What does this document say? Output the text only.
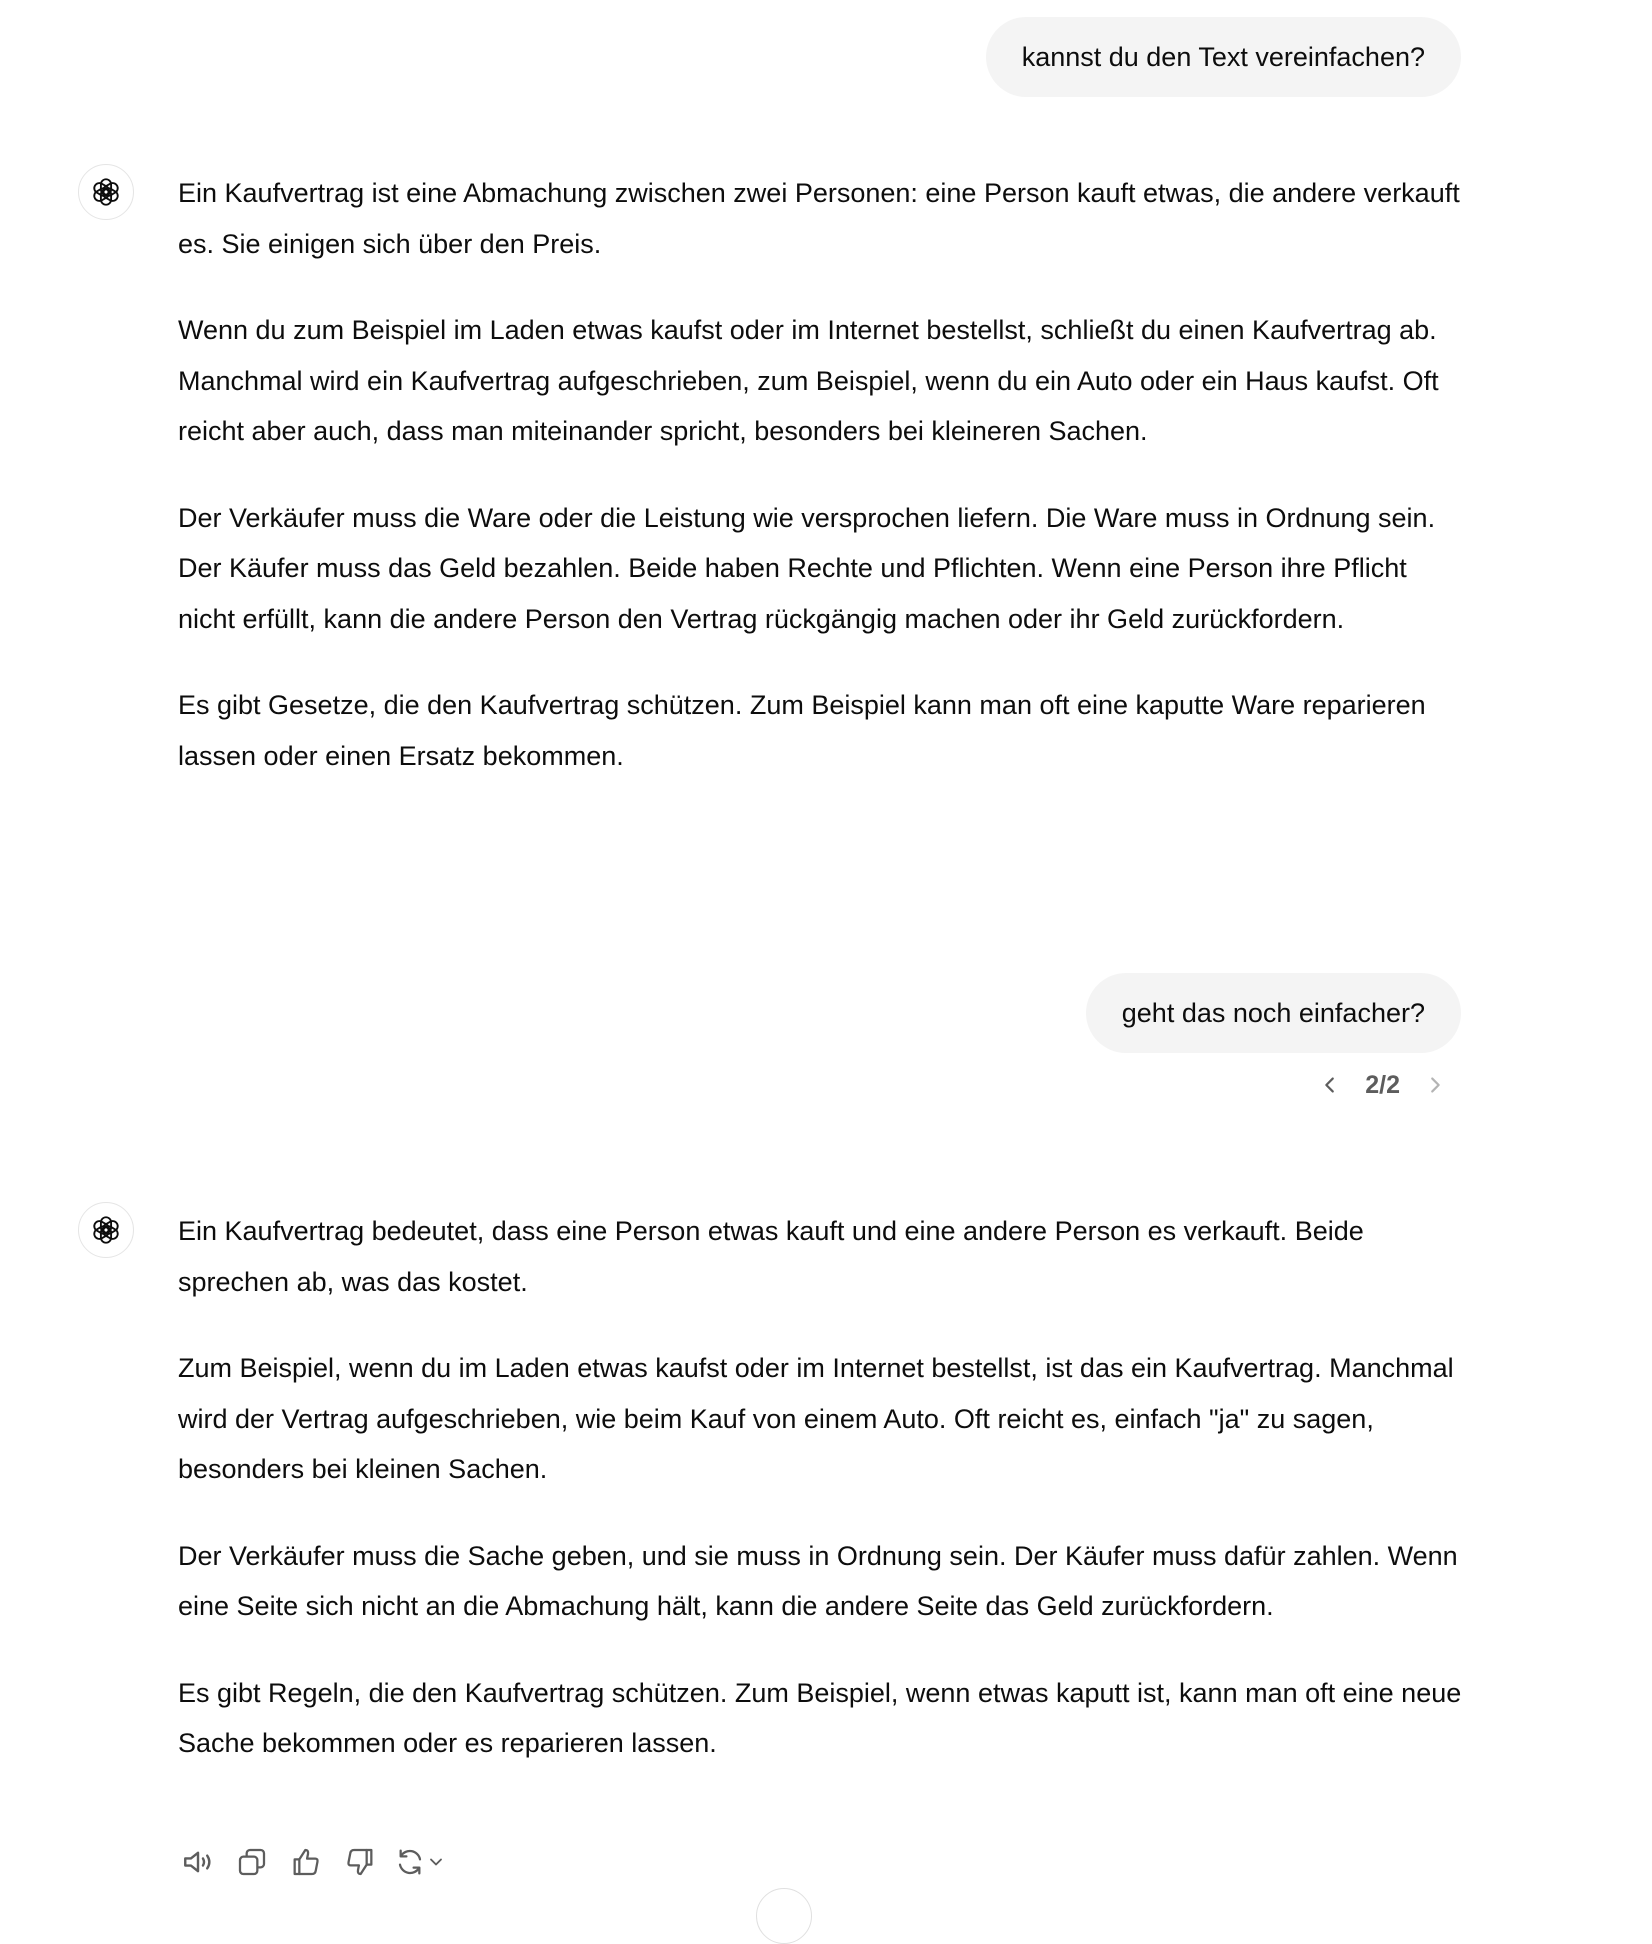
kannst du den Text vereinfachen?

Ein Kaufvertrag ist eine Abmachung zwischen zwei Personen: eine Person kauft etwas, die andere verkauft es. Sie einigen sich über den Preis.

Wenn du zum Beispiel im Laden etwas kaufst oder im Internet bestellst, schließt du einen Kaufvertrag ab. Manchmal wird ein Kaufvertrag aufgeschrieben, zum Beispiel, wenn du ein Auto oder ein Haus kaufst. Oft reicht aber auch, dass man miteinander spricht, besonders bei kleineren Sachen.

Der Verkäufer muss die Ware oder die Leistung wie versprochen liefern. Die Ware muss in Ordnung sein. Der Käufer muss das Geld bezahlen. Beide haben Rechte und Pflichten. Wenn eine Person ihre Pflicht nicht erfüllt, kann die andere Person den Vertrag rückgängig machen oder ihr Geld zurückfordern.

Es gibt Gesetze, die den Kaufvertrag schützen. Zum Beispiel kann man oft eine kaputte Ware reparieren lassen oder einen Ersatz bekommen.

geht das noch einfacher?
2/2

Ein Kaufvertrag bedeutet, dass eine Person etwas kauft und eine andere Person es verkauft. Beide sprechen ab, was das kostet.

Zum Beispiel, wenn du im Laden etwas kaufst oder im Internet bestellst, ist das ein Kaufvertrag. Manchmal wird der Vertrag aufgeschrieben, wie beim Kauf von einem Auto. Oft reicht es, einfach "ja" zu sagen, besonders bei kleinen Sachen.

Der Verkäufer muss die Sache geben, und sie muss in Ordnung sein. Der Käufer muss dafür zahlen. Wenn eine Seite sich nicht an die Abmachung hält, kann die andere Seite das Geld zurückfordern.

Es gibt Regeln, die den Kaufvertrag schützen. Zum Beispiel, wenn etwas kaputt ist, kann man oft eine neue Sache bekommen oder es reparieren lassen.
